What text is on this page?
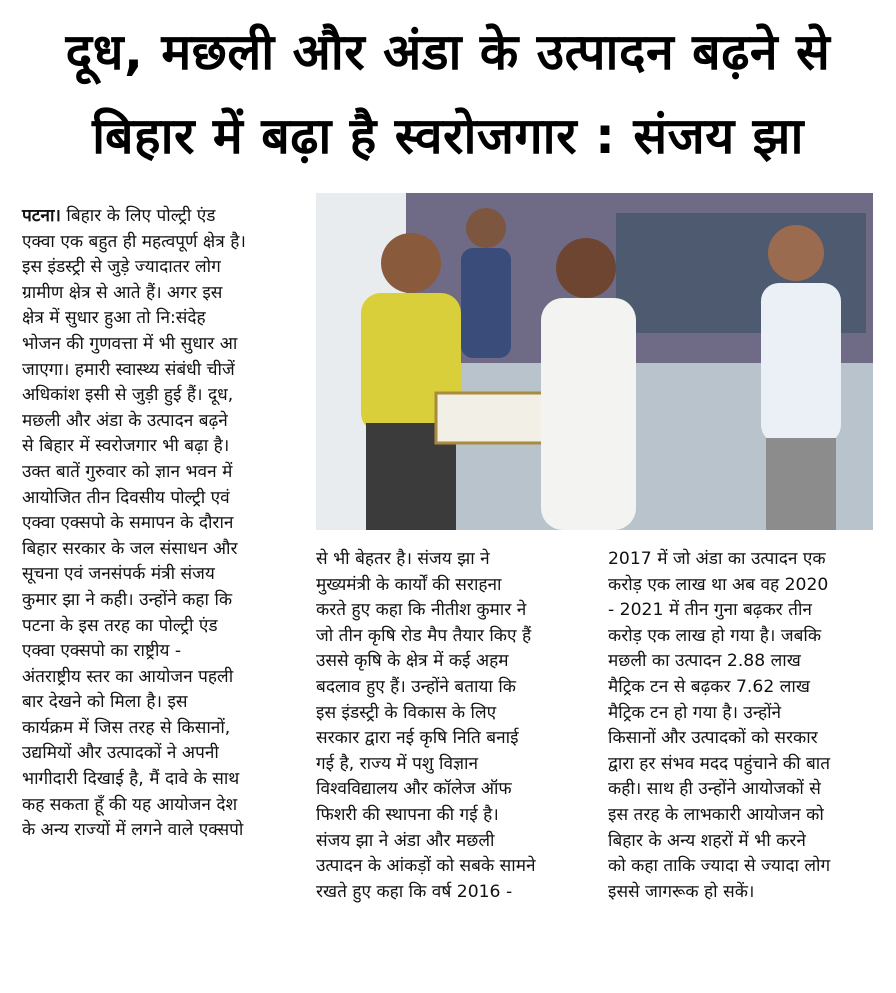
दूध, मछली और अंडा के उत्पादन बढ़ने से
बिहार में बढ़ा है स्वरोजगार : संजय झा
पटना। बिहार के लिए पोल्ट्री एंड
एक्वा एक बहुत ही महत्वपूर्ण क्षेत्र है।
इस इंडस्ट्री से जुड़े ज्यादातर लोग
ग्रामीण क्षेत्र से आते हैं। अगर इस
क्षेत्र में सुधार हुआ तो नि:संदेह
भोजन की गुणवत्ता में भी सुधार आ
जाएगा। हमारी स्वास्थ्य संबंधी चीजें
अधिकांश इसी से जुड़ी हुई हैं। दूध,
मछली और अंडा के उत्पादन बढ़ने
से बिहार में स्वरोजगार भी बढ़ा है।
उक्त बातें गुरुवार को ज्ञान भवन में
आयोजित तीन दिवसीय पोल्ट्री एवं
एक्वा एक्सपो के समापन के दौरान
बिहार सरकार के जल संसाधन और
सूचना एवं जनसंपर्क मंत्री संजय
कुमार झा ने कही। उन्होंने कहा कि
पटना के इस तरह का पोल्ट्री एंड
एक्वा एक्सपो का राष्ट्रीय -
अंतराष्ट्रीय स्तर का आयोजन पहली
बार देखने को मिला है। इस
कार्यक्रम में जिस तरह से किसानों,
उद्यमियों और उत्पादकों ने अपनी
भागीदारी दिखाई है, मैं दावे के साथ
कह सकता हूँ की यह आयोजन देश
के अन्य राज्यों में लगने वाले एक्सपो
से भी बेहतर है। संजय झा ने
मुख्यमंत्री के कार्यों की सराहना
करते हुए कहा कि नीतीश कुमार ने
जो तीन कृषि रोड मैप तैयार किए हैं
उससे कृषि के क्षेत्र में कई अहम
बदलाव हुए हैं। उन्होंने बताया कि
इस इंडस्ट्री के विकास के लिए
सरकार द्वारा नई कृषि निति बनाई
गई है, राज्य में पशु विज्ञान
विश्वविद्यालय और कॉलेज ऑफ
फिशरी की स्थापना की गई है।
संजय झा ने अंडा और मछली
उत्पादन के आंकड़ों को सबके सामने
रखते हुए कहा कि वर्ष 2016 -
2017 में जो अंडा का उत्पादन एक
करोड़ एक लाख था अब वह 2020
- 2021 में तीन गुना बढ़कर तीन
करोड़ एक लाख हो गया है। जबकि
मछली का उत्पादन 2.88 लाख
मैट्रिक टन से बढ़कर 7.62 लाख
मैट्रिक टन हो गया है। उन्होंने
किसानों और उत्पादकों को सरकार
द्वारा हर संभव मदद पहुंचाने की बात
कही। साथ ही उन्होंने आयोजकों से
इस तरह के लाभकारी आयोजन को
बिहार के अन्य शहरों में भी करने
को कहा ताकि ज्यादा से ज्यादा लोग
इससे जागरूक हो सकें।
